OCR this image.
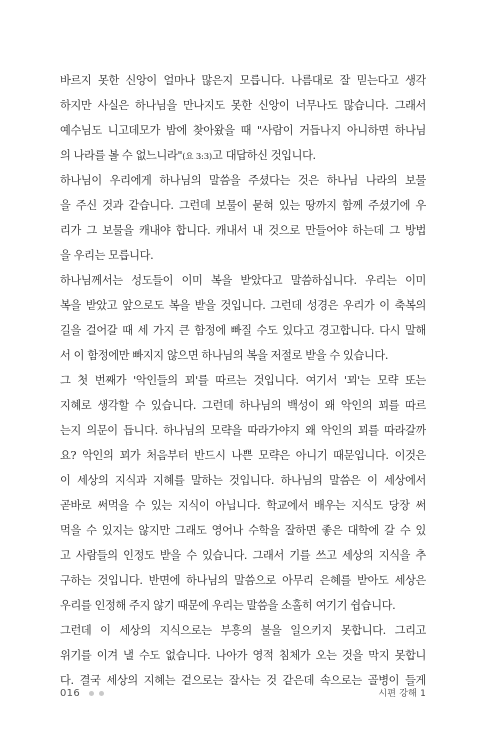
바르지 못한 신앙이 얼마나 많은지 모릅니다. 나름대로 잘 믿는다고 생각
하지만 사실은 하나님을 만나지도 못한 신앙이 너무나도 많습니다. 그래서
예수님도 니고데모가 밤에 찾아왔을 때 "사람이 거듭나지 아니하면 하나님
의 나라를 볼 수 없느니라"(요 3:3)고 대답하신 것입니다.
하나님이 우리에게 하나님의 말씀을 주셨다는 것은 하나님 나라의 보물
을 주신 것과 같습니다. 그런데 보물이 묻혀 있는 땅까지 함께 주셨기에 우
리가 그 보물을 캐내야 합니다. 캐내서 내 것으로 만들어야 하는데 그 방법
을 우리는 모릅니다.
하나님께서는 성도들이 이미 복을 받았다고 말씀하십니다. 우리는 이미
복을 받았고 앞으로도 복을 받을 것입니다. 그런데 성경은 우리가 이 축복의
길을 걸어갈 때 세 가지 큰 함정에 빠질 수도 있다고 경고합니다. 다시 말해
서 이 함정에만 빠지지 않으면 하나님의 복을 저절로 받을 수 있습니다.
그 첫 번째가 '악인들의 꾀'를 따르는 것입니다. 여기서 '꾀'는 모략 또는
지혜로 생각할 수 있습니다. 그런데 하나님의 백성이 왜 악인의 꾀를 따르
는지 의문이 듭니다. 하나님의 모략을 따라가야지 왜 악인의 꾀를 따라갈까
요? 악인의 꾀가 처음부터 반드시 나쁜 모략은 아니기 때문입니다. 이것은
이 세상의 지식과 지혜를 말하는 것입니다. 하나님의 말씀은 이 세상에서
곧바로 써먹을 수 있는 지식이 아닙니다. 학교에서 배우는 지식도 당장 써
먹을 수 있지는 않지만 그래도 영어나 수학을 잘하면 좋은 대학에 갈 수 있
고 사람들의 인정도 받을 수 있습니다. 그래서 기를 쓰고 세상의 지식을 추
구하는 것입니다. 반면에 하나님의 말씀으로 아무리 은혜를 받아도 세상은
우리를 인정해 주지 않기 때문에 우리는 말씀을 소홀히 여기기 쉽습니다.
그런데 이 세상의 지식으로는 부흥의 불을 일으키지 못합니다. 그리고
위기를 이겨 낼 수도 없습니다. 나아가 영적 침체가 오는 것을 막지 못합니
다. 결국 세상의 지혜는 겉으로는 잘사는 것 같은데 속으로는 골병이 들게
016	시편 강해 1
